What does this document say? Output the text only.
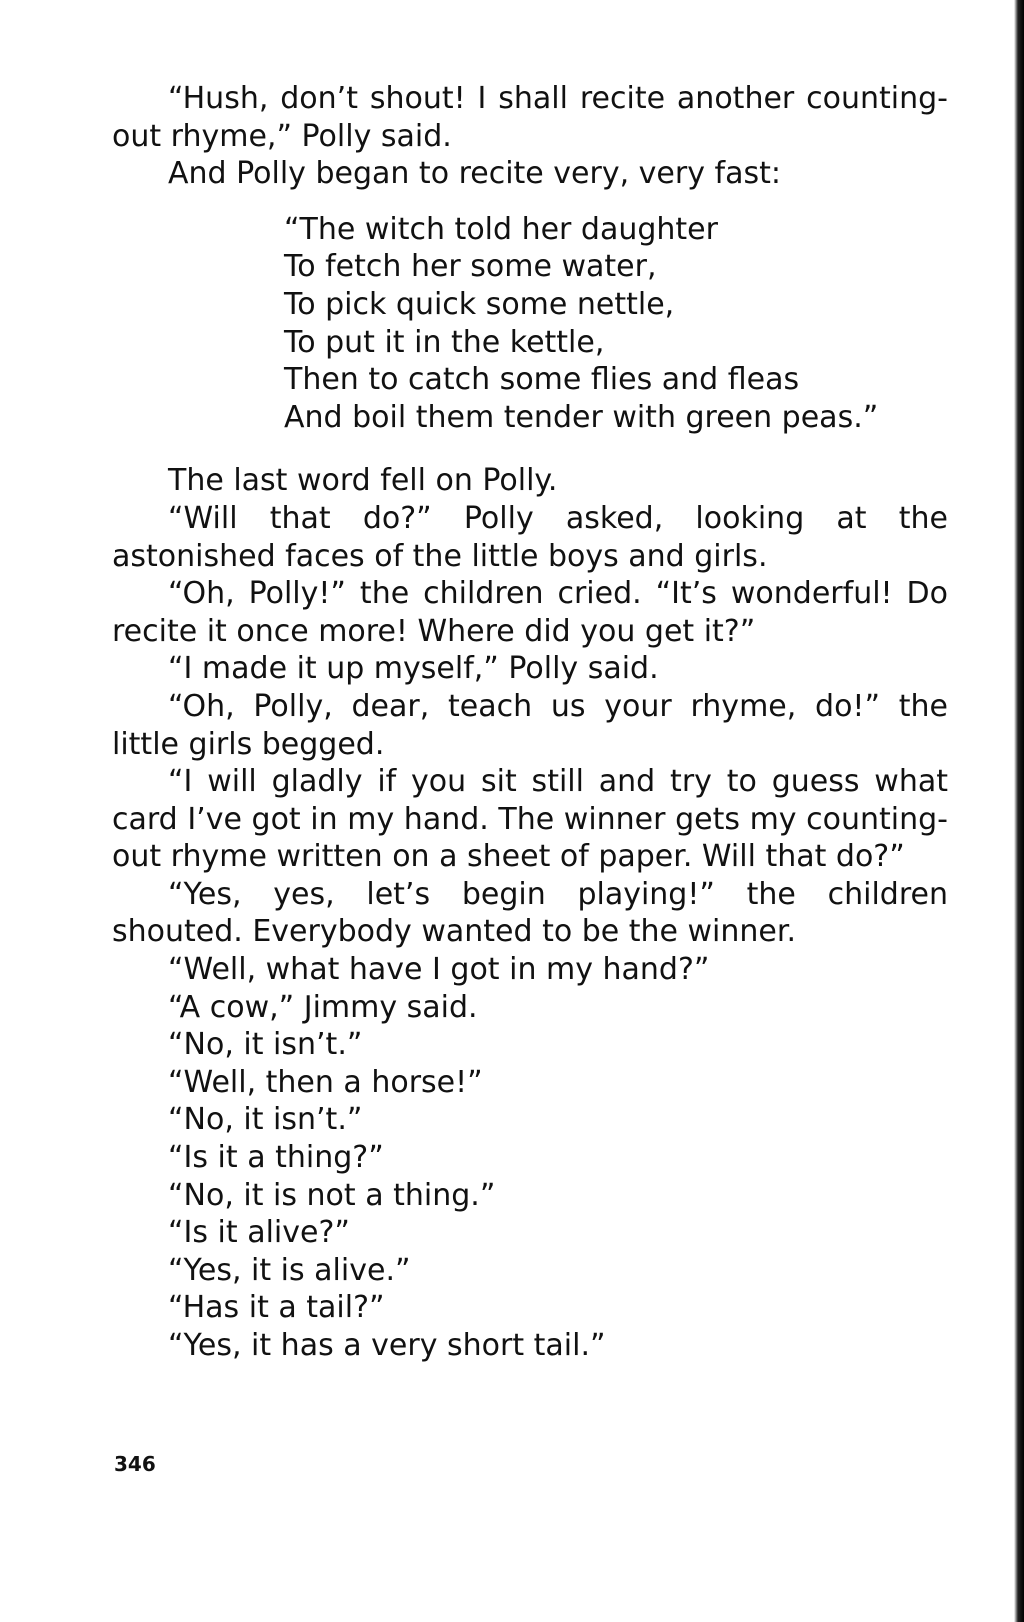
“Hush, don’t shout! I shall recite another counting-out rhyme,” Polly said.

And Polly began to recite very, very fast:

“The witch told her daughter
To fetch her some water,
To pick quick some nettle,
To put it in the kettle,
Then to catch some flies and fleas
And boil them tender with green peas.”

The last word fell on Polly.

“Will that do?” Polly asked, looking at the astonished faces of the little boys and girls.

“Oh, Polly!” the children cried. “It’s wonderful! Do recite it once more! Where did you get it?”

“I made it up myself,” Polly said.

“Oh, Polly, dear, teach us your rhyme, do!” the little girls begged.

“I will gladly if you sit still and try to guess what card I’ve got in my hand. The winner gets my counting-out rhyme written on a sheet of paper. Will that do?”

“Yes, yes, let’s begin playing!” the children shouted. Everybody wanted to be the winner.

“Well, what have I got in my hand?”

“A cow,” Jimmy said.

“No, it isn’t.”

“Well, then a horse!”

“No, it isn’t.”

“Is it a thing?”

“No, it is not a thing.”

“Is it alive?”

“Yes, it is alive.”

“Has it a tail?”

“Yes, it has a very short tail.”

346
